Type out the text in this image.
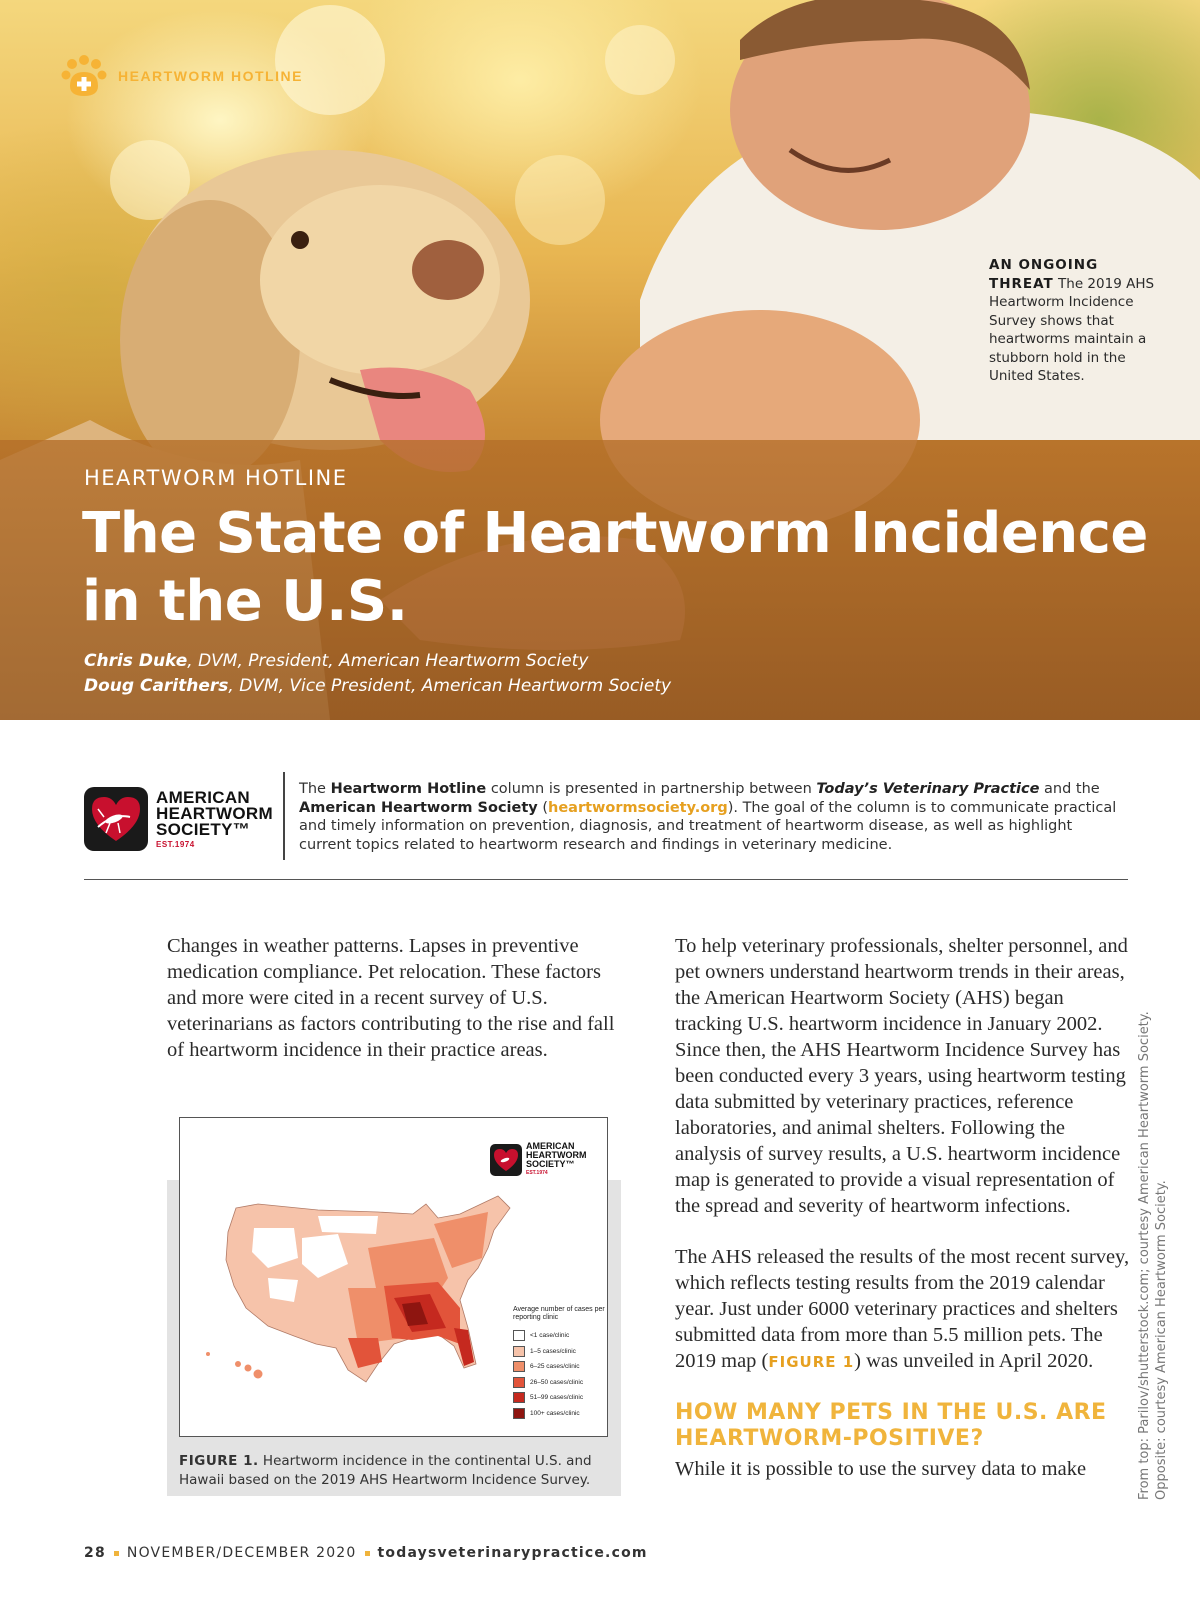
HEARTWORM HOTLINE
AN ONGOING THREAT The 2019 AHS Heartworm Incidence Survey shows that heartworms maintain a stubborn hold in the United States.
HEARTWORM HOTLINE
The State of Heartworm Incidence in the U.S.
Chris Duke, DVM, President, American Heartworm Society
Doug Carithers, DVM, Vice President, American Heartworm Society
AMERICAN
HEARTWORM
SOCIETY™
EST.1974

The Heartworm Hotline column is presented in partnership between Today’s Veterinary Practice and the American Heartworm Society (heartwormsociety.org). The goal of the column is to communicate practical and timely information on prevention, diagnosis, and treatment of heartworm disease, as well as highlight current topics related to heartworm research and findings in veterinary medicine.

Changes in weather patterns. Lapses in preventive medication compliance. Pet relocation. These factors and more were cited in a recent survey of U.S. veterinarians as factors contributing to the rise and fall of heartworm incidence in their practice areas.

AMERICAN
HEARTWORM
SOCIETY™
EST.1974
Average number of cases per reporting clinic
<1 case/clinic
1–5 cases/clinic
6–25 cases/clinic
26–50 cases/clinic
51–99 cases/clinic
100+ cases/clinic

FIGURE 1. Heartworm incidence in the continental U.S. and Hawaii based on the 2019 AHS Heartworm Incidence Survey.

To help veterinary professionals, shelter personnel, and pet owners understand heartworm trends in their areas, the American Heartworm Society (AHS) began tracking U.S. heartworm incidence in January 2002. Since then, the AHS Heartworm Incidence Survey has been conducted every 3 years, using heartworm testing data submitted by veterinary practices, reference laboratories, and animal shelters. Following the analysis of survey results, a U.S. heartworm incidence map is generated to provide a visual representation of the spread and severity of heartworm infections.

The AHS released the results of the most recent survey, which reflects testing results from the 2019 calendar year. Just under 6000 veterinary practices and shelters submitted data from more than 5.5 million pets. The 2019 map (FIGURE 1) was unveiled in April 2020.

HOW MANY PETS IN THE U.S. ARE HEARTWORM-POSITIVE?

While it is possible to use the survey data to make	From top: Parilov/shutterstock.com; courtesy American Heartworm Society. Opposite: courtesy American Heartworm Society.
28 NOVEMBER/DECEMBER 2020 todaysveterinarypractice.com
